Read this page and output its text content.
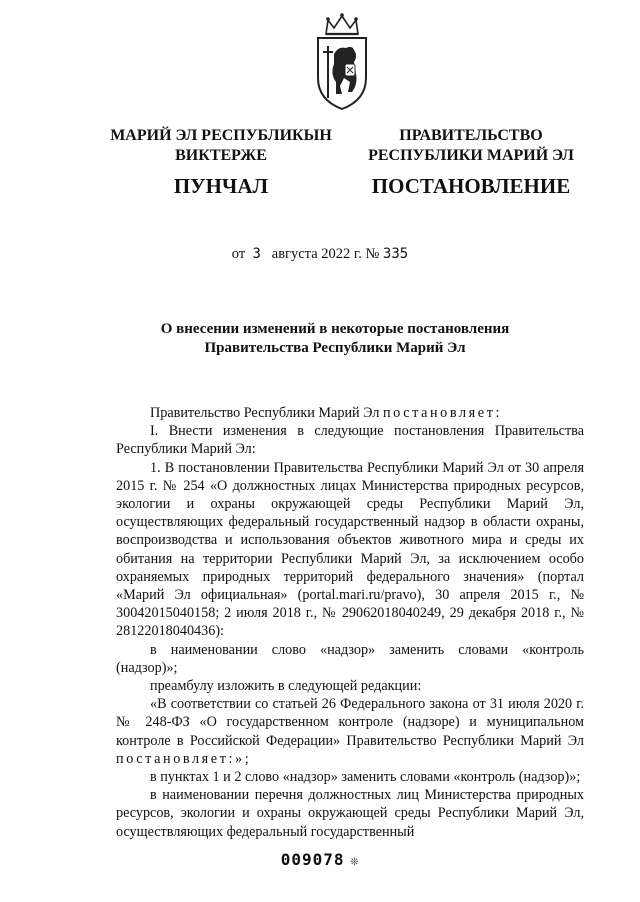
МАРИЙ ЭЛ РЕСПУБЛИКЫН
ВИКТЕРЖЕ
ПРАВИТЕЛЬСТВО
РЕСПУБЛИКИ МАРИЙ ЭЛ
ПУНЧАЛ	ПОСТАНОВЛЕНИЕ
от 3 августа 2022 г. № 335
О внесении изменений в некоторые постановления
Правительства Республики Марий Эл

Правительство Республики Марий Эл постановляет:

I. Внести изменения в следующие постановления Правительства Республики Марий Эл:

1. В постановлении Правительства Республики Марий Эл от 30 апреля 2015 г. № 254 «О должностных лицах Министерства природных ресурсов, экологии и охраны окружающей среды Республики Марий Эл, осуществляющих федеральный государственный надзор в области охраны, воспроизводства и использования объектов животного мира и среды их обитания на территории Республики Марий Эл, за исключением особо охраняемых природных территорий федерального значения» (портал «Марий Эл официальная» (portal.mari.ru/pravo), 30 апреля 2015 г., № 30042015040158; 2 июля 2018 г., № 29062018040249, 29 декабря 2018 г., № 28122018040436):

в наименовании слово «надзор» заменить словами «контроль (надзор)»;

преамбулу изложить в следующей редакции:

«В соответствии со статьей 26 Федерального закона от 31 июля 2020 г. № 248-ФЗ «О государственном контроле (надзоре) и муниципальном контроле в Российской Федерации» Правительство Республики Марий Эл постановляет:»;

в пунктах 1 и 2 слово «надзор» заменить словами «контроль (надзор)»;

в наименовании перечня должностных лиц Министерства природных ресурсов, экологии и охраны окружающей среды Республики Марий Эл, осуществляющих федеральный государственный

009078 ❊
